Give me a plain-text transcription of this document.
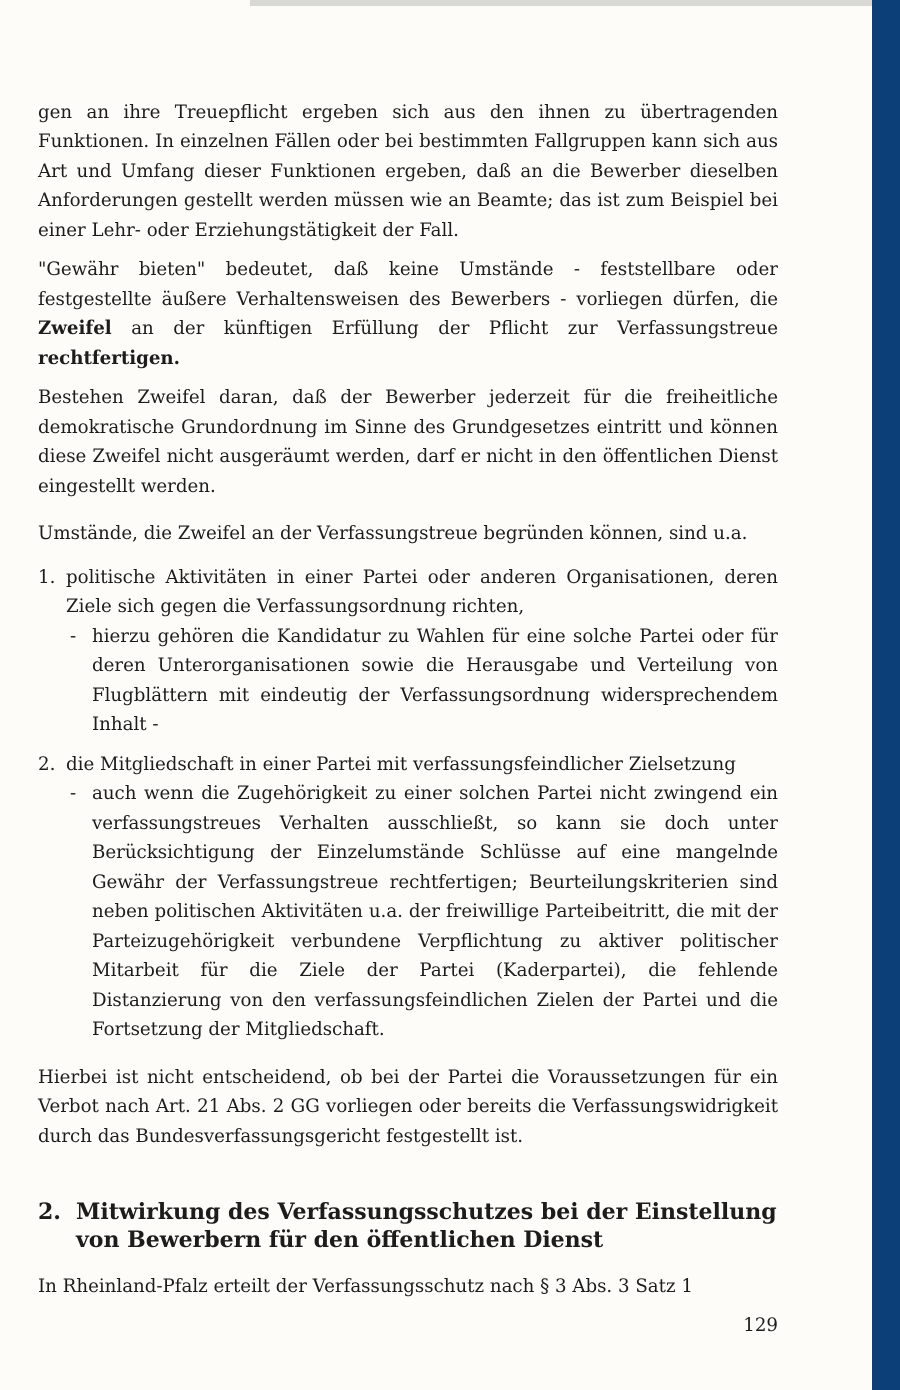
gen an ihre Treuepflicht ergeben sich aus den ihnen zu übertragenden Funktionen. In einzelnen Fällen oder bei bestimmten Fallgruppen kann sich aus Art und Umfang dieser Funktionen ergeben, daß an die Bewerber dieselben Anforderungen gestellt werden müssen wie an Beamte; das ist zum Beispiel bei einer Lehr- oder Erziehungstätigkeit der Fall.

"Gewähr bieten" bedeutet, daß keine Umstände - feststellbare oder festgestellte äußere Verhaltensweisen des Bewerbers - vorliegen dürfen, die Zweifel an der künftigen Erfüllung der Pflicht zur Verfassungstreue rechtfertigen.

Bestehen Zweifel daran, daß der Bewerber jederzeit für die freiheitliche demokratische Grundordnung im Sinne des Grundgesetzes eintritt und können diese Zweifel nicht ausgeräumt werden, darf er nicht in den öffentlichen Dienst eingestellt werden.

Umstände, die Zweifel an der Verfassungstreue begründen können, sind u.a.

1. politische Aktivitäten in einer Partei oder anderen Organisationen, deren Ziele sich gegen die Verfassungsordnung richten,
- hierzu gehören die Kandidatur zu Wahlen für eine solche Partei oder für deren Unterorganisationen sowie die Herausgabe und Verteilung von Flugblättern mit eindeutig der Verfassungsordnung widersprechendem Inhalt -
2. die Mitgliedschaft in einer Partei mit verfassungsfeindlicher Zielsetzung
- auch wenn die Zugehörigkeit zu einer solchen Partei nicht zwingend ein verfassungstreues Verhalten ausschließt, so kann sie doch unter Berücksichtigung der Einzelumstände Schlüsse auf eine mangelnde Gewähr der Verfassungstreue rechtfertigen; Beurteilungskriterien sind neben politischen Aktivitäten u.a. der freiwillige Parteibeitritt, die mit der Parteizugehörigkeit verbundene Verpflichtung zu aktiver politischer Mitarbeit für die Ziele der Partei (Kaderpartei), die fehlende Distanzierung von den verfassungsfeindlichen Zielen der Partei und die Fortsetzung der Mitgliedschaft.

Hierbei ist nicht entscheidend, ob bei der Partei die Voraussetzungen für ein Verbot nach Art. 21 Abs. 2 GG vorliegen oder bereits die Verfassungswidrigkeit durch das Bundesverfassungsgericht festgestellt ist.

2. Mitwirkung des Verfassungsschutzes bei der Einstellung von Bewerbern für den öffentlichen Dienst
In Rheinland-Pfalz erteilt der Verfassungsschutz nach § 3 Abs. 3 Satz 1
129
